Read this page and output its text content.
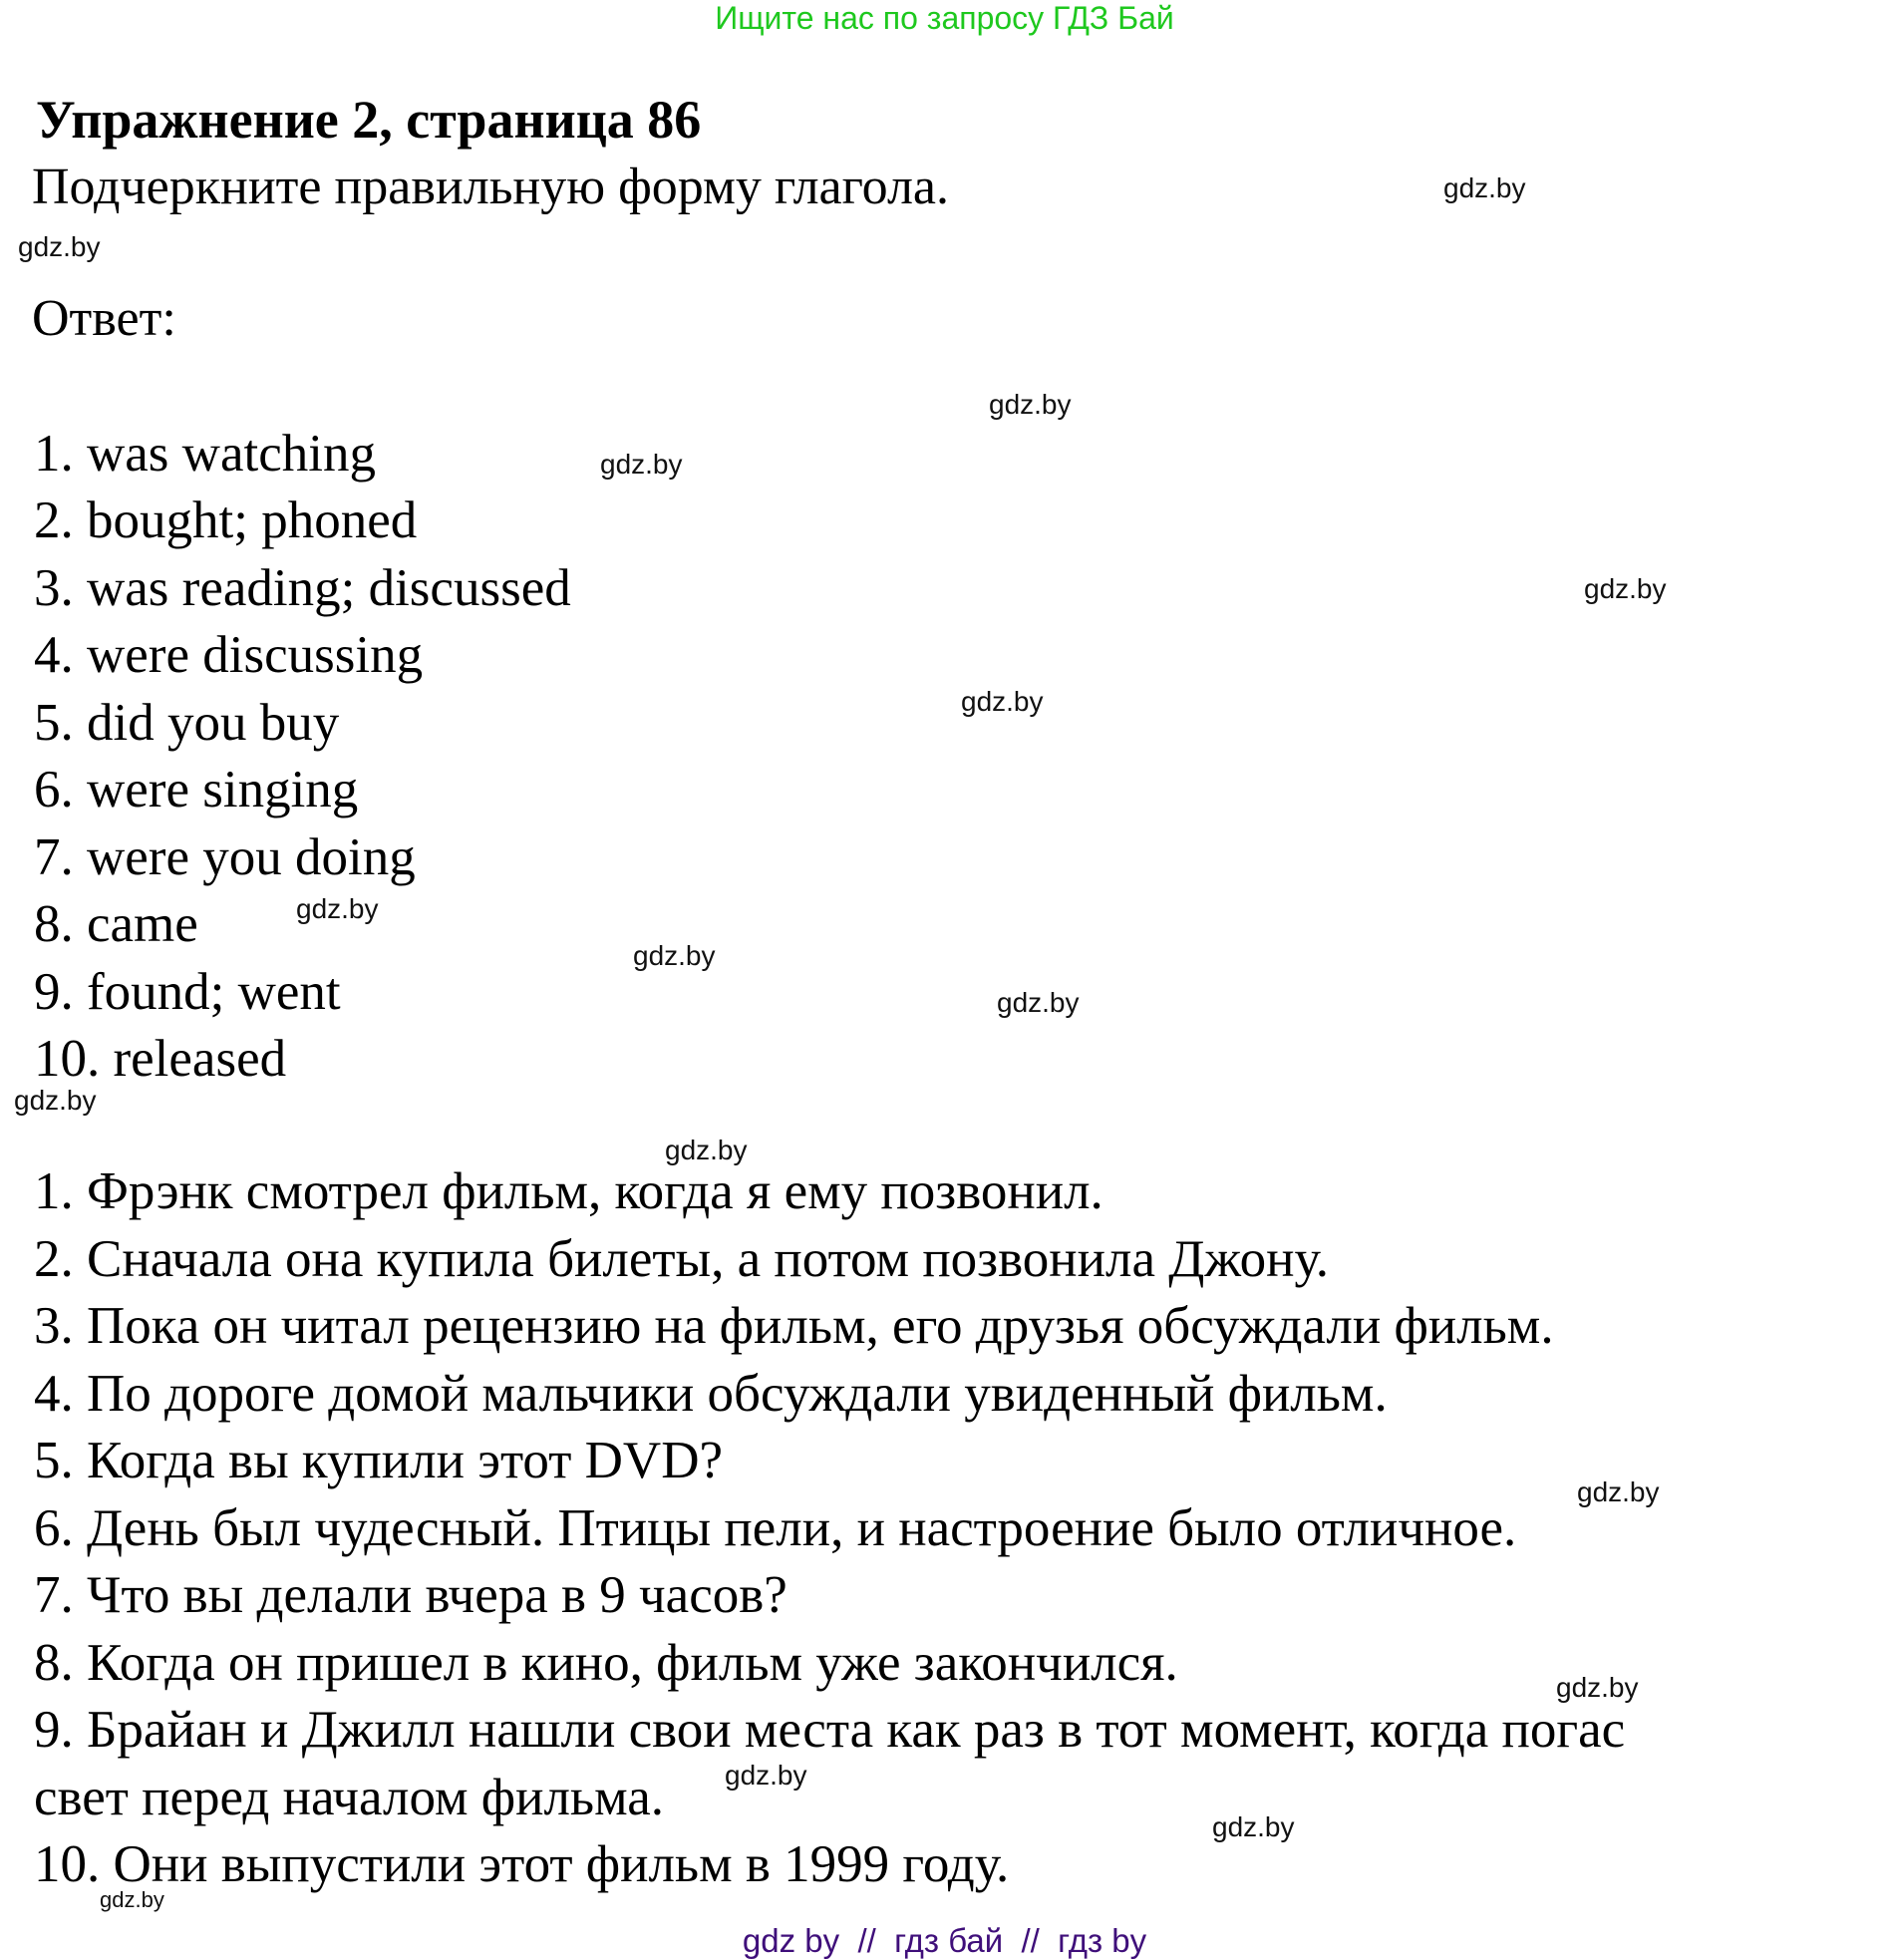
Ищите нас по запросу ГДЗ Бай
Упражнение 2, страница 86
Подчеркните правильную форму глагола.
Ответ:
1. was watching
2. bought; phoned
3. was reading; discussed
4. were discussing
5. did you buy
6. were singing
7. were you doing
8. came
9. found; went
10. released
1. Фрэнк смотрел фильм, когда я ему позвонил.
2. Сначала она купила билеты, а потом позвонила Джону.
3. Пока он читал рецензию на фильм, его друзья обсуждали фильм.
4. По дороге домой мальчики обсуждали увиденный фильм.
5. Когда вы купили этот DVD?
6. День был чудесный. Птицы пели, и настроение было отличное.
7. Что вы делали вчера в 9 часов?
8. Когда он пришел в кино, фильм уже закончился.
9. Брайан и Джилл нашли свои места как раз в тот момент, когда погас
свет перед началом фильма.
10. Они выпустили этот фильм в 1999 году.
gdz.by
gdz.by
gdz.by
gdz.by
gdz.by
gdz.by
gdz.by
gdz.by
gdz.by
gdz.by
gdz.by
gdz.by
gdz.by
gdz.by
gdz.by
gdz.by
gdz by  //  гдз бай  //  гдз by
